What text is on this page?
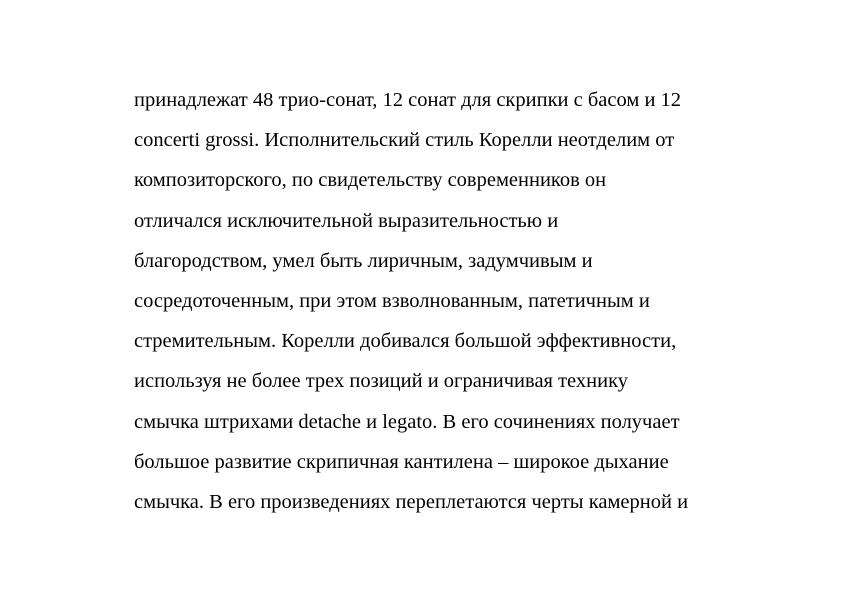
принадлежат 48 трио-сонат, 12 сонат для скрипки с басом и 12
concerti grossi. Исполнительский стиль Корелли неотделим от
композиторского, по свидетельству современников он
отличался исключительной выразительностью и
благородством, умел быть лиричным, задумчивым и
сосредоточенным, при этом взволнованным, патетичным и
стремительным. Корелли добивался большой эффективности,
используя не более трех позиций и ограничивая технику
смычка штрихами detache и legato. В его сочинениях получает
большое развитие скрипичная кантилена – широкое дыхание
смычка. В его произведениях переплетаются черты камерной и
